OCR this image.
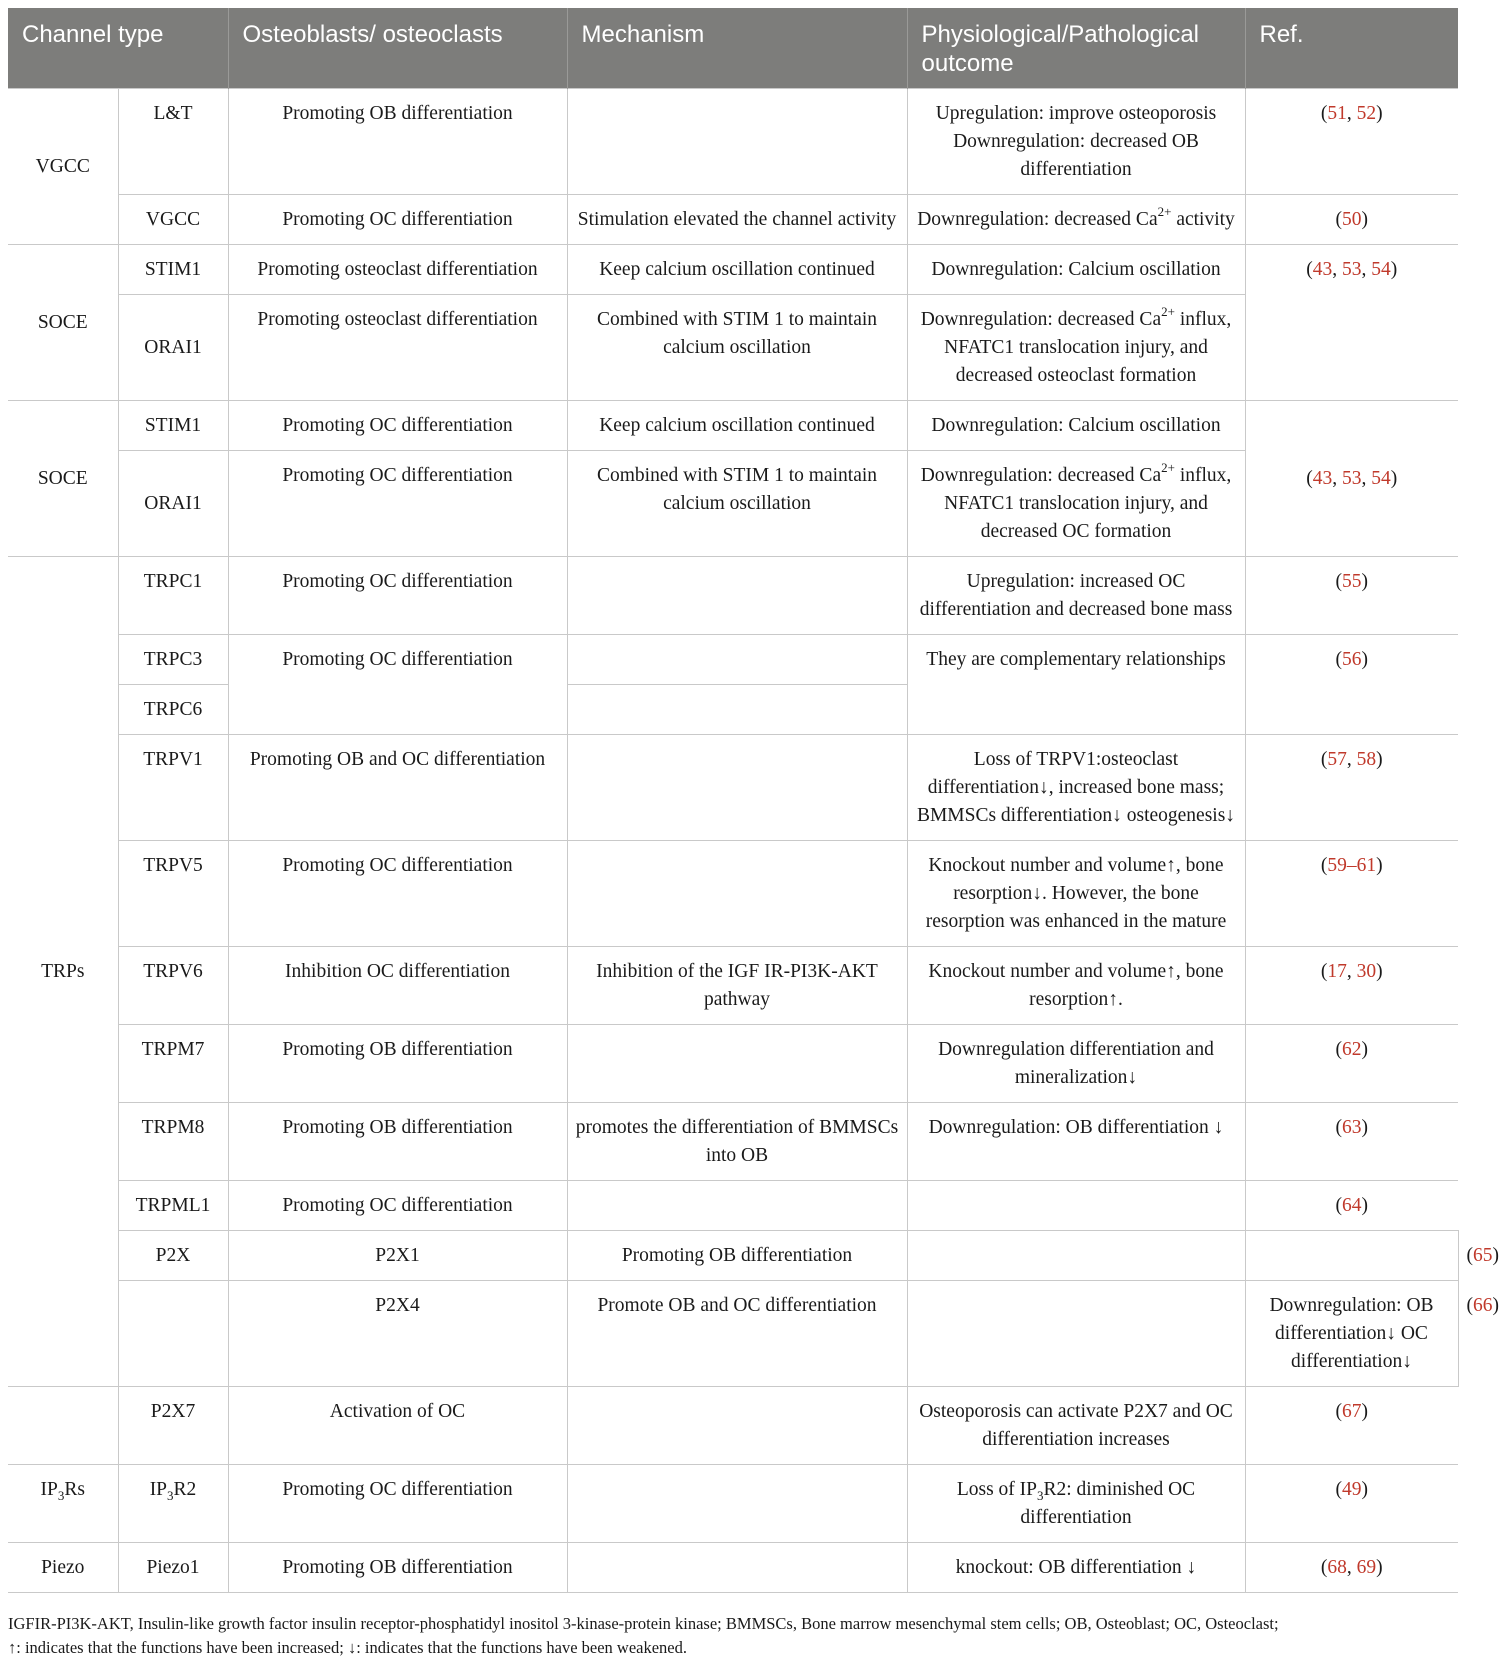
Channel type		Osteoblasts/ osteoclasts	Mechanism	Physiological/Pathological outcome	Ref.	
VGCC	L&T	Promoting OB differentiation		Upregulation: improve osteoporosis Downregulation: decreased OB differentiation	(51, 52)	
	VGCC	Promoting OC differentiation	Stimulation elevated the channel activity	Downregulation: decreased $Ca^{2+}$ activity	(50)	
SOCE	STIM1	Promoting osteoclast differentiation	Keep calcium oscillation continued	Downregulation: Calcium oscillation	(43, 53, 54)	
	ORAI1	Promoting osteoclast differentiation	Combined with STIM 1 to maintain calcium oscillation	Downregulation: decreased $Ca^{2+}$ influx, NFATC1 translocation injury, and decreased osteoclast formation		
SOCE	STIM1	Promoting OC differentiation	Keep calcium oscillation continued	Downregulation: Calcium oscillation	(43, 53, 54)	
	ORAI1	Promoting OC differentiation	Combined with STIM 1 to maintain calcium oscillation	Downregulation: decreased $Ca^{2+}$ influx, NFATC1 translocation injury, and decreased OC formation		
TRPs	TRPC1	Promoting OC differentiation		Upregulation: increased OC differentiation and decreased bone mass	(55)	
	TRPC3	Promoting OC differentiation		They are complementary relationships	(56)	
	TRPC6					
	TRPV1	Promoting OB and OC differentiation		Loss of TRPV1:osteoclast differentiation↓, increased bone mass; BMMSCs differentiation↓ osteogenesis↓	(57, 58)	
	TRPV5	Promoting OC differentiation		Knockout number and volume↑, bone resorption↓. However, the bone resorption was enhanced in the mature	(59–61)	
	TRPV6	Inhibition OC differentiation	Inhibition of the IGF IR-PI3K-AKT pathway	Knockout number and volume↑, bone resorption↑.	(17, 30)	
	TRPM7	Promoting OB differentiation		Downregulation differentiation and mineralization↓	(62)	
	TRPM8	Promoting OB differentiation	promotes the differentiation of BMMSCs into OB	Downregulation: OB differentiation ↓	(63)	
	TRPML1	Promoting OC differentiation			(64)	
	P2X	P2X1	Promoting OB differentiation			(65)
		P2X4	Promote OB and OC differentiation		Downregulation: OB differentiation↓ OC differentiation↓	(66)
	P2X7	Activation of OC		Osteoporosis can activate P2X7 and OC differentiation increases	(67)	
$IP_3Rs$	$IP_3R2$	Promoting OC differentiation		Loss of $IP_3R2$: diminished OC differentiation	(49)	
Piezo	Piezo1	Promoting OB differentiation		knockout: OB differentiation ↓	(68, 69)	
IGFIR-PI3K-AKT, Insulin-like growth factor insulin receptor-phosphatidyl inositol 3-kinase-protein kinase; BMMSCs, Bone marrow mesenchymal stem cells; OB, Osteoblast; OC, Osteoclast;
↑: indicates that the functions have been increased; ↓: indicates that the functions have been weakened.
